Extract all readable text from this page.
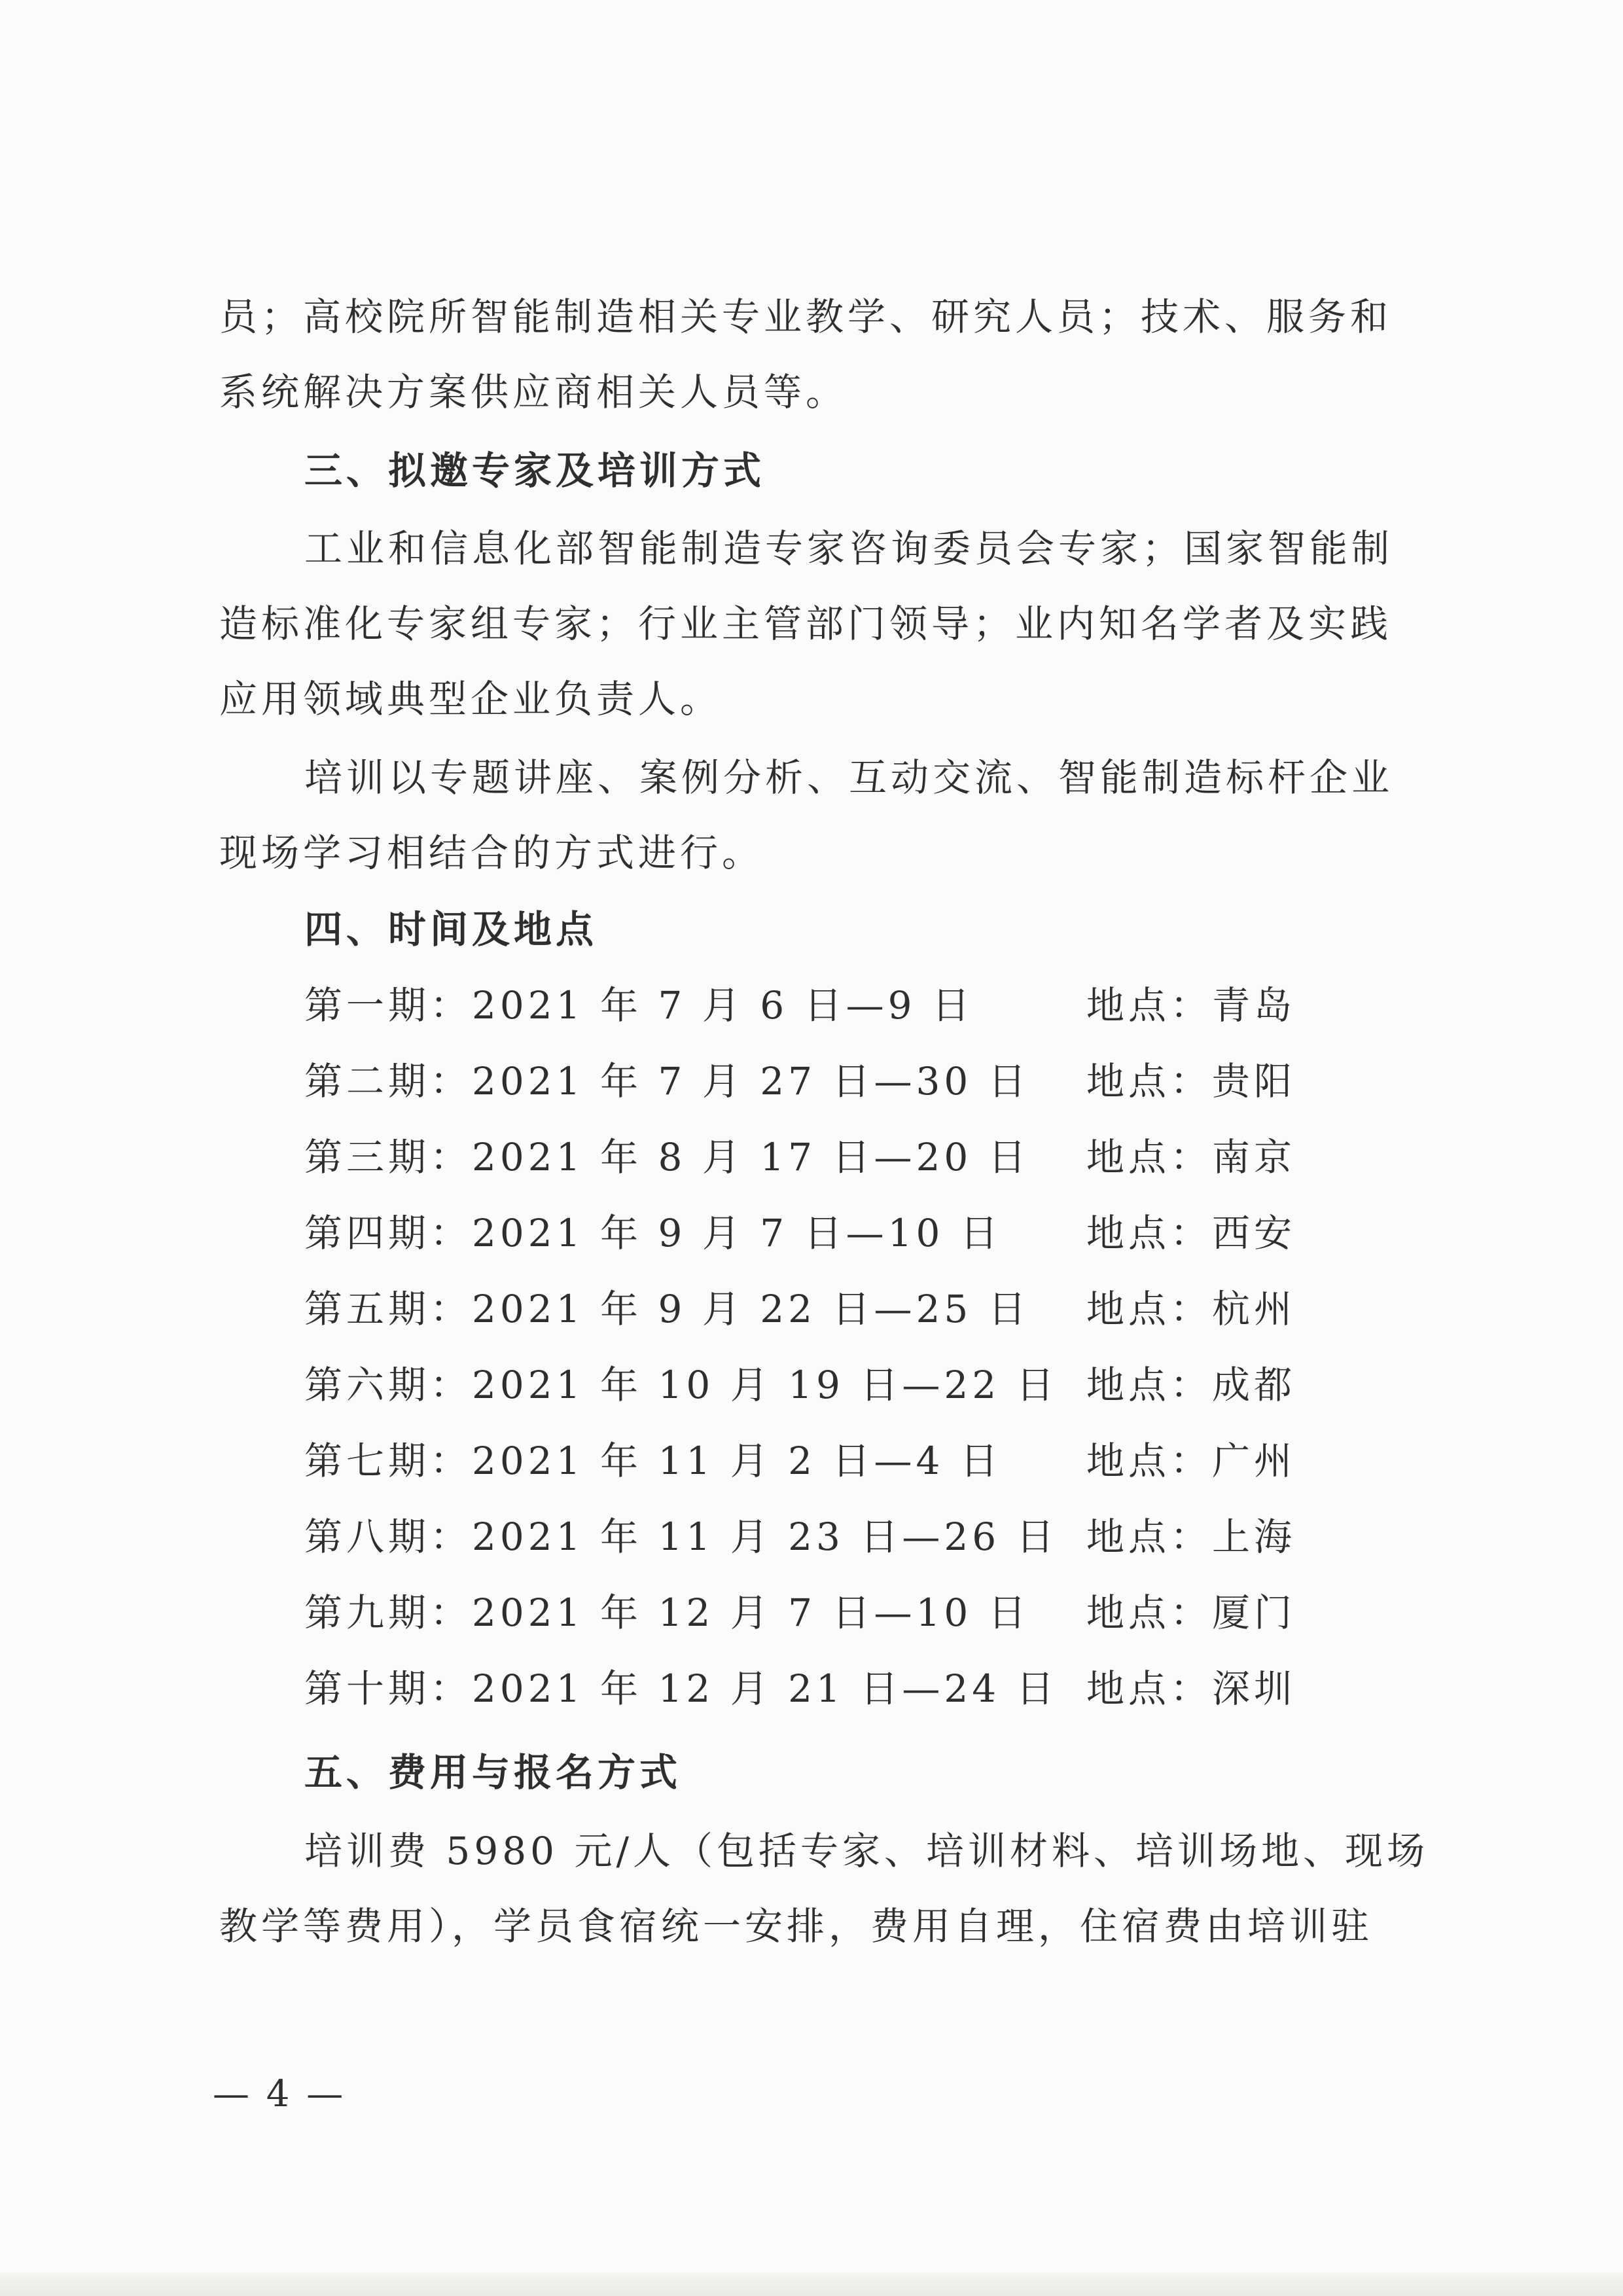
员；高校院所智能制造相关专业教学、研究人员；技术、服务和
系统解决方案供应商相关人员等。
三、拟邀专家及培训方式
工业和信息化部智能制造专家咨询委员会专家；国家智能制
造标准化专家组专家；行业主管部门领导；业内知名学者及实践
应用领域典型企业负责人。
培训以专题讲座、案例分析、互动交流、智能制造标杆企业
现场学习相结合的方式进行。
四、时间及地点
第一期：2021 年 7 月 6 日—9 日	地点：青岛
第二期：2021 年 7 月 27 日—30 日 地点：贵阳
第三期：2021 年 8 月 17 日—20 日 地点：南京
第四期：2021 年 9 月 7 日—10 日 地点：西安
第五期：2021 年 9 月 22 日—25 日 地点：杭州
第六期：2021 年 10 月 19 日—22 日 地点：成都
第七期：2021 年 11 月 2 日—4 日 地点：广州
第八期：2021 年 11 月 23 日—26 日 地点：上海
第九期：2021 年 12 月 7 日—10 日 地点：厦门
第十期：2021 年 12 月 21 日—24 日 地点：深圳
五、费用与报名方式
培训费 5980 元/人（包括专家、培训材料、培训场地、现场
教学等费用），学员食宿统一安排，费用自理，住宿费由培训驻
— 4 —
